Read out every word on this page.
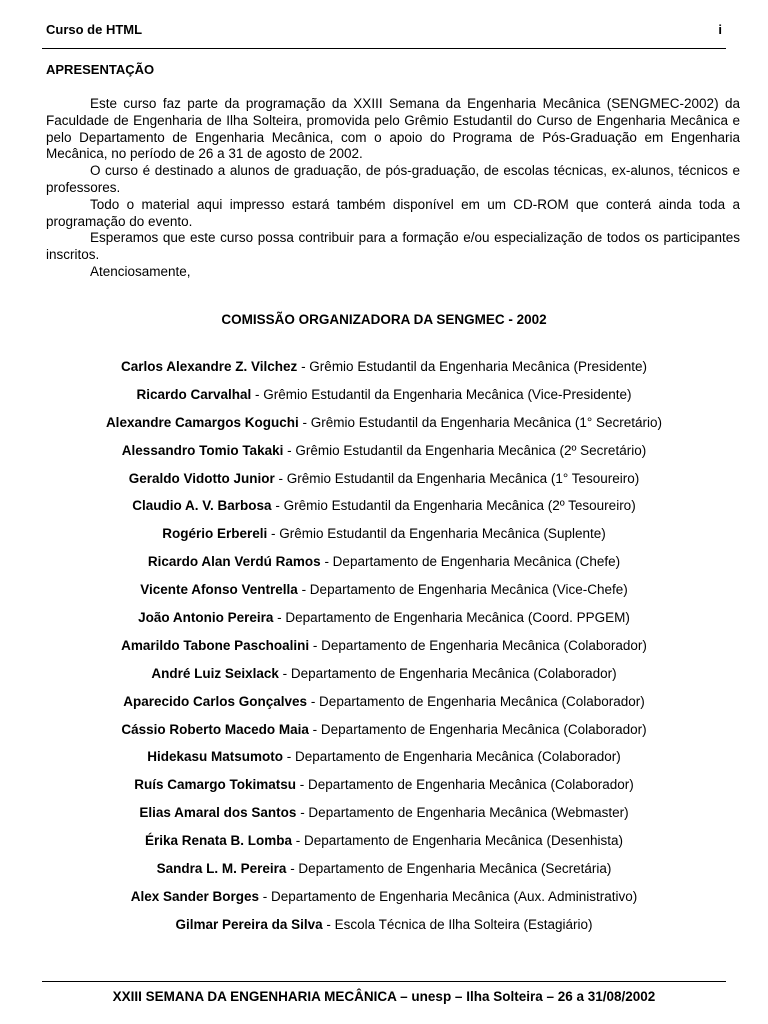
Curso de HTML	i
APRESENTAÇÃO

Este curso faz parte da programação da XXIII Semana da Engenharia Mecânica (SENGMEC-2002) da Faculdade de Engenharia de Ilha Solteira, promovida pelo Grêmio Estudantil do Curso de Engenharia Mecânica e pelo Departamento de Engenharia Mecânica, com o apoio do Programa de Pós-Graduação em Engenharia Mecânica, no período de 26 a 31 de agosto de 2002.

O curso é destinado a alunos de graduação, de pós-graduação, de escolas técnicas, ex-alunos, técnicos e professores.

Todo o material aqui impresso estará também disponível em um CD-ROM que conterá ainda toda a programação do evento.

Esperamos que este curso possa contribuir para a formação e/ou especialização de todos os participantes inscritos.

Atenciosamente,

COMISSÃO ORGANIZADORA DA SENGMEC - 2002
Carlos Alexandre Z. Vilchez - Grêmio Estudantil da Engenharia Mecânica (Presidente)
Ricardo Carvalhal - Grêmio Estudantil da Engenharia Mecânica (Vice-Presidente)
Alexandre Camargos Koguchi - Grêmio Estudantil da Engenharia Mecânica (1° Secretário)
Alessandro Tomio Takaki - Grêmio Estudantil da Engenharia Mecânica (2º Secretário)
Geraldo Vidotto Junior - Grêmio Estudantil da Engenharia Mecânica (1° Tesoureiro)
Claudio A. V. Barbosa - Grêmio Estudantil da Engenharia Mecânica (2º Tesoureiro)
Rogério Erbereli - Grêmio Estudantil da Engenharia Mecânica (Suplente)
Ricardo Alan Verdú Ramos - Departamento de Engenharia Mecânica (Chefe)
Vicente Afonso Ventrella - Departamento de Engenharia Mecânica (Vice-Chefe)
João Antonio Pereira - Departamento de Engenharia Mecânica (Coord. PPGEM)
Amarildo Tabone Paschoalini - Departamento de Engenharia Mecânica (Colaborador)
André Luiz Seixlack - Departamento de Engenharia Mecânica (Colaborador)
Aparecido Carlos Gonçalves - Departamento de Engenharia Mecânica (Colaborador)
Cássio Roberto Macedo Maia - Departamento de Engenharia Mecânica (Colaborador)
Hidekasu Matsumoto - Departamento de Engenharia Mecânica (Colaborador)
Ruís Camargo Tokimatsu - Departamento de Engenharia Mecânica (Colaborador)
Elias Amaral dos Santos - Departamento de Engenharia Mecânica (Webmaster)
Érika Renata B. Lomba - Departamento de Engenharia Mecânica (Desenhista)
Sandra L. M. Pereira - Departamento de Engenharia Mecânica (Secretária)
Alex Sander Borges - Departamento de Engenharia Mecânica (Aux. Administrativo)
Gilmar Pereira da Silva - Escola Técnica de Ilha Solteira (Estagiário)
XXIII SEMANA DA ENGENHARIA MECÂNICA – unesp – Ilha Solteira – 26 a 31/08/2002
